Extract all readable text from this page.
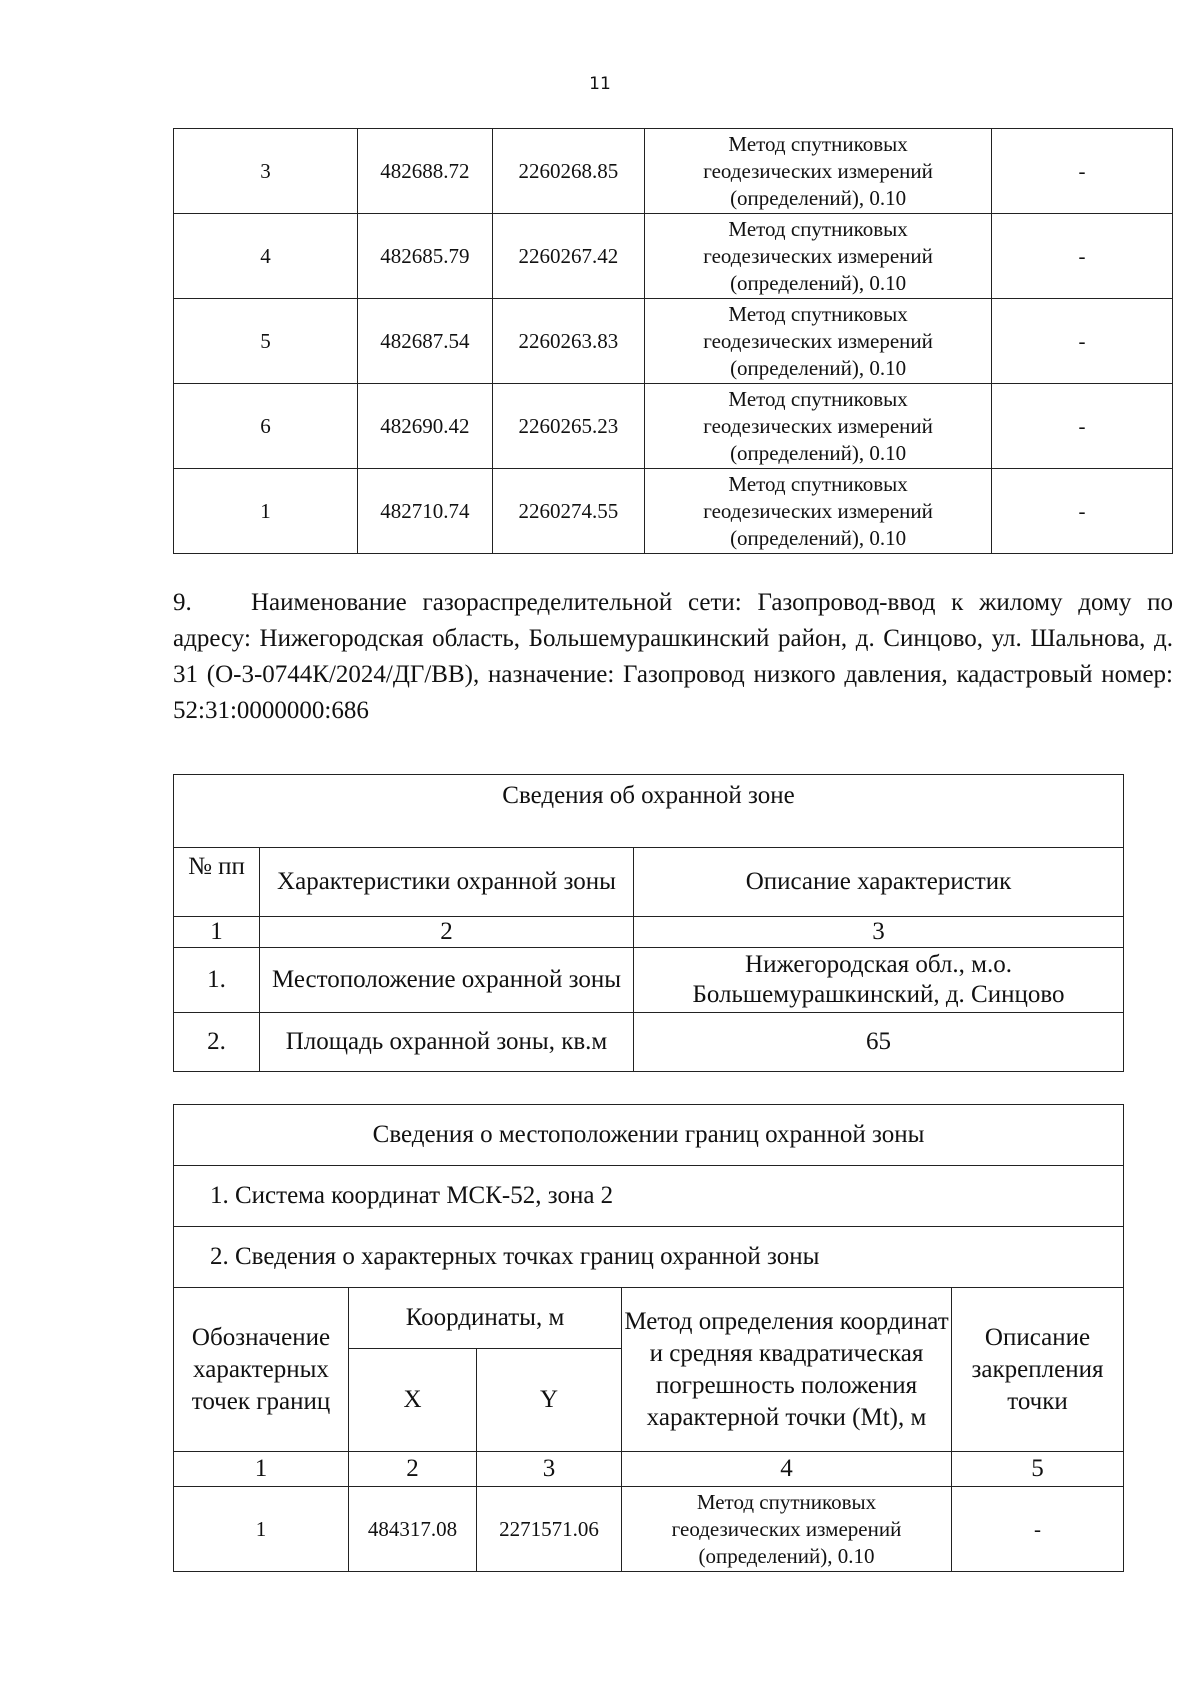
11
3	482688.72	2260268.85	Метод спутниковых
геодезических измерений
(определений), 0.10	-
4	482685.79	2260267.42	Метод спутниковых
геодезических измерений
(определений), 0.10	-
5	482687.54	2260263.83	Метод спутниковых
геодезических измерений
(определений), 0.10	-
6	482690.42	2260265.23	Метод спутниковых
геодезических измерений
(определений), 0.10	-
1	482710.74	2260274.55	Метод спутниковых
геодезических измерений
(определений), 0.10	-

9. Наименование газораспределительной сети: Газопровод-ввод к жилому дому по адресу: Нижегородская область, Большемурашкинский район, д. Синцово, ул. Шальнова, д. 31 (О-3-0744К/2024/ДГ/ВВ), назначение: Газопровод низкого давления, кадастровый номер: 52:31:0000000:686

Сведения об охранной зоне		
№ пп	Характеристики охранной зоны	Описание характеристик
1	2	3
1.	Местоположение охранной зоны	Нижегородская обл., м.о. Большемурашкинский, д. Синцово
2.	Площадь охранной зоны, кв.м	65
Сведения о местоположении границ охранной зоны				
1. Система координат МСК-52, зона 2				
2. Сведения о характерных точках границ охранной зоны				
Обозначение характерных точек границ	Координаты, м		Метод определения координат и средняя квадратическая погрешность положения характерной точки (Mt), м	Описание закрепления точки
	X	Y		
1	2	3	4	5
1	484317.08	2271571.06	Метод спутниковых
геодезических измерений
(определений), 0.10	-
